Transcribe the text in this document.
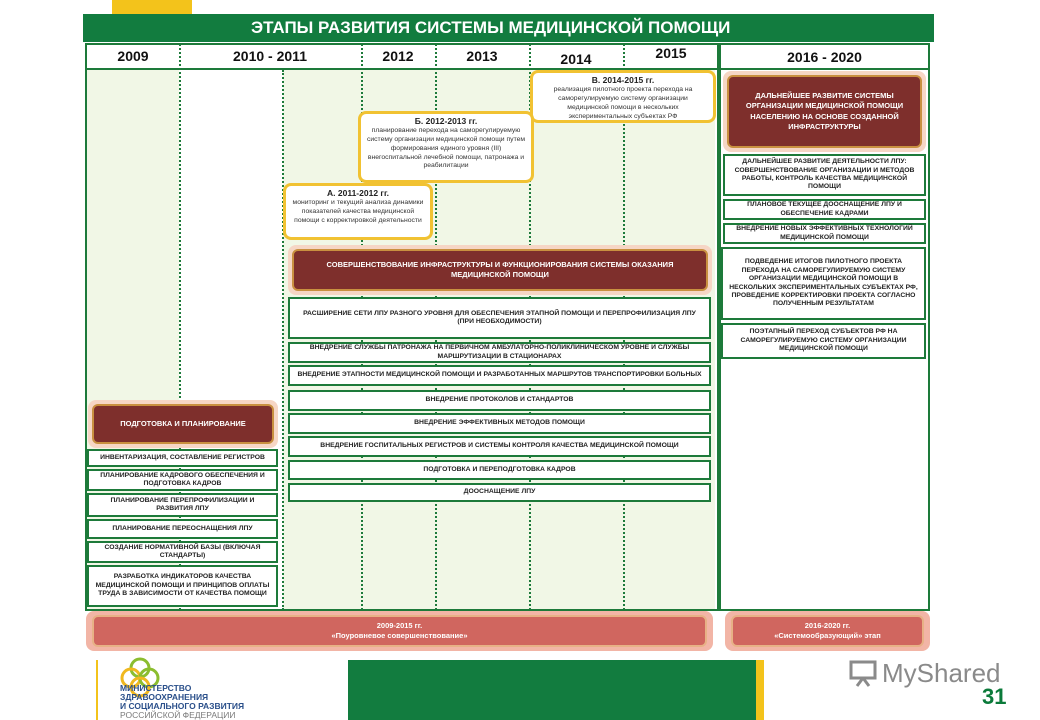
ЭТАПЫ РАЗВИТИЯ СИСТЕМЫ МЕДИЦИНСКОЙ ПОМОЩИ
2009	2010 - 2011	2012	2013	2014	2015	2016 - 2020
В. 2014-2015 гг.
реализация пилотного проекта перехода на саморегулируемую систему организации медицинской помощи в нескольких экспериментальных субъектах РФ
Б. 2012-2013 гг.
планирование перехода на саморегулируемую систему организации медицинской помощи путем формирования единого уровня (III) внегоспитальной лечебной помощи, патронажа и реабилитации
А. 2011-2012 гг.
мониторинг и текущий анализа динамики показателей качества медицинской помощи с корректировкой деятельности
СОВЕРШЕНСТВОВАНИЕ ИНФРАСТРУКТУРЫ И ФУНКЦИОНИРОВАНИЯ СИСТЕМЫ ОКАЗАНИЯ МЕДИЦИНСКОЙ ПОМОЩИ
РАСШИРЕНИЕ СЕТИ ЛПУ РАЗНОГО УРОВНЯ ДЛЯ ОБЕСПЕЧЕНИЯ ЭТАПНОЙ ПОМОЩИ И ПЕРЕПРОФИЛИЗАЦИЯ ЛПУ (ПРИ НЕОБХОДИМОСТИ)
ВНЕДРЕНИЕ СЛУЖБЫ ПАТРОНАЖА НА ПЕРВИЧНОМ АМБУЛАТОРНО-ПОЛИКЛИНИЧЕСКОМ УРОВНЕ И СЛУЖБЫ МАРШРУТИЗАЦИИ В СТАЦИОНАРАХ
ВНЕДРЕНИЕ ЭТАПНОСТИ МЕДИЦИНСКОЙ ПОМОЩИ И РАЗРАБОТАННЫХ МАРШРУТОВ ТРАНСПОРТИРОВКИ БОЛЬНЫХ
ВНЕДРЕНИЕ ПРОТОКОЛОВ И СТАНДАРТОВ
ВНЕДРЕНИЕ ЭФФЕКТИВНЫХ МЕТОДОВ ПОМОЩИ
ВНЕДРЕНИЕ ГОСПИТАЛЬНЫХ РЕГИСТРОВ И СИСТЕМЫ КОНТРОЛЯ КАЧЕСТВА МЕДИЦИНСКОЙ ПОМОЩИ
ПОДГОТОВКА И ПЕРЕПОДГОТОВКА КАДРОВ
ДООСНАЩЕНИЕ ЛПУ
ПОДГОТОВКА И ПЛАНИРОВАНИЕ
ИНВЕНТАРИЗАЦИЯ, СОСТАВЛЕНИЕ РЕГИСТРОВ
ПЛАНИРОВАНИЕ КАДРОВОГО ОБЕСПЕЧЕНИЯ И ПОДГОТОВКА КАДРОВ
ПЛАНИРОВАНИЕ ПЕРЕПРОФИЛИЗАЦИИ И РАЗВИТИЯ ЛПУ
ПЛАНИРОВАНИЕ ПЕРЕОСНАЩЕНИЯ ЛПУ
СОЗДАНИЕ НОРМАТИВНОЙ БАЗЫ (ВКЛЮЧАЯ СТАНДАРТЫ)
РАЗРАБОТКА ИНДИКАТОРОВ КАЧЕСТВА МЕДИЦИНСКОЙ ПОМОЩИ И ПРИНЦИПОВ ОПЛАТЫ ТРУДА В ЗАВИСИМОСТИ ОТ КАЧЕСТВА ПОМОЩИ
ДАЛЬНЕЙШЕЕ РАЗВИТИЕ СИСТЕМЫ ОРГАНИЗАЦИИ МЕДИЦИНСКОЙ ПОМОЩИ НАСЕЛЕНИЮ НА ОСНОВЕ СОЗДАННОЙ ИНФРАСТРУКТУРЫ
ДАЛЬНЕЙШЕЕ РАЗВИТИЕ ДЕЯТЕЛЬНОСТИ ЛПУ: СОВЕРШЕНСТВОВАНИЕ ОРГАНИЗАЦИИ И МЕТОДОВ РАБОТЫ, КОНТРОЛЬ КАЧЕСТВА МЕДИЦИНСКОЙ ПОМОЩИ
ПЛАНОВОЕ ТЕКУЩЕЕ ДООСНАЩЕНИЕ ЛПУ И ОБЕСПЕЧЕНИЕ КАДРАМИ
ВНЕДРЕНИЕ НОВЫХ ЭФФЕКТИВНЫХ ТЕХНОЛОГИЙ МЕДИЦИНСКОЙ ПОМОЩИ
ПОДВЕДЕНИЕ ИТОГОВ ПИЛОТНОГО ПРОЕКТА ПЕРЕХОДА НА САМОРЕГУЛИРУЕМУЮ СИСТЕМУ ОРГАНИЗАЦИИ МЕДИЦИНСКОЙ ПОМОЩИ В НЕСКОЛЬКИХ ЭКСПЕРИМЕНТАЛЬНЫХ СУБЪЕКТАХ РФ, ПРОВЕДЕНИЕ КОРРЕКТИРОВКИ ПРОЕКТА СОГЛАСНО ПОЛУЧЕННЫМ РЕЗУЛЬТАТАМ
ПОЭТАПНЫЙ ПЕРЕХОД СУБЪЕКТОВ РФ НА САМОРЕГУЛИРУЕМУЮ СИСТЕМУ ОРГАНИЗАЦИИ МЕДИЦИНСКОЙ ПОМОЩИ
2009-2015 гг.
«Поуровневое совершенствование»
2016-2020 гг.
«Системообразующий» этап
МИНИСТЕРСТВО
ЗДРАВООХРАНЕНИЯ
И СОЦИАЛЬНОГО РАЗВИТИЯ
РОССИЙСКОЙ ФЕДЕРАЦИИ
MyShared
31
